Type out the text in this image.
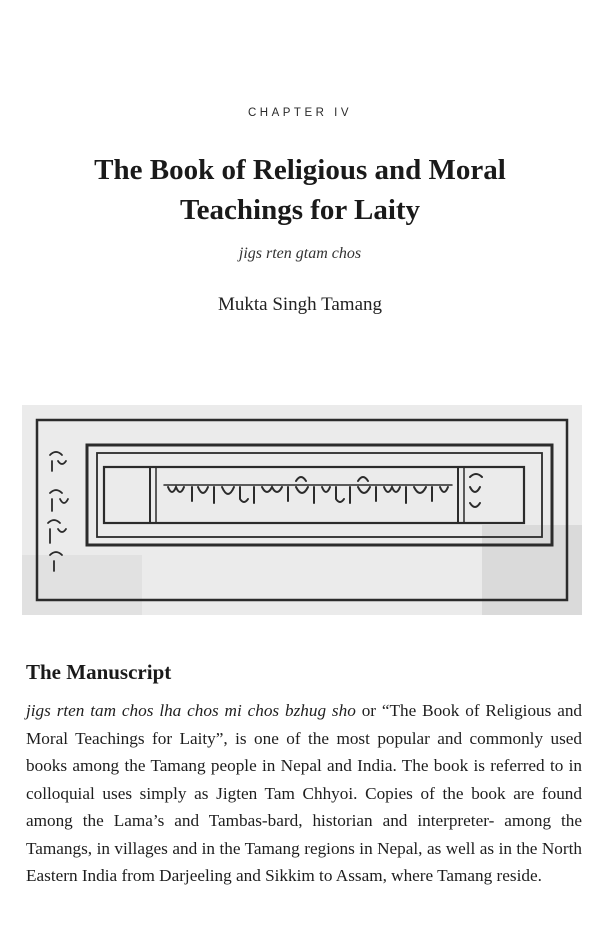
CHAPTER IV
The Book of Religious and Moral
Teachings for Laity
jigs rten gtam chos
Mukta Singh Tamang
The Manuscript

jigs rten tam chos lha chos mi chos bzhug sho or “The Book of Religious and Moral Teachings for Laity”, is one of the most popular and commonly used books among the Tamang people in Nepal and India. The book is referred to in colloquial uses simply as Jigten Tam Chhyoi. Copies of the book are found among the Lama’s and Tambas-bard, historian and interpreter- among the Tamangs, in villages and in the Tamang regions in Nepal, as well as in the North Eastern India from Darjeeling and Sikkim to Assam, where Tamang reside.
